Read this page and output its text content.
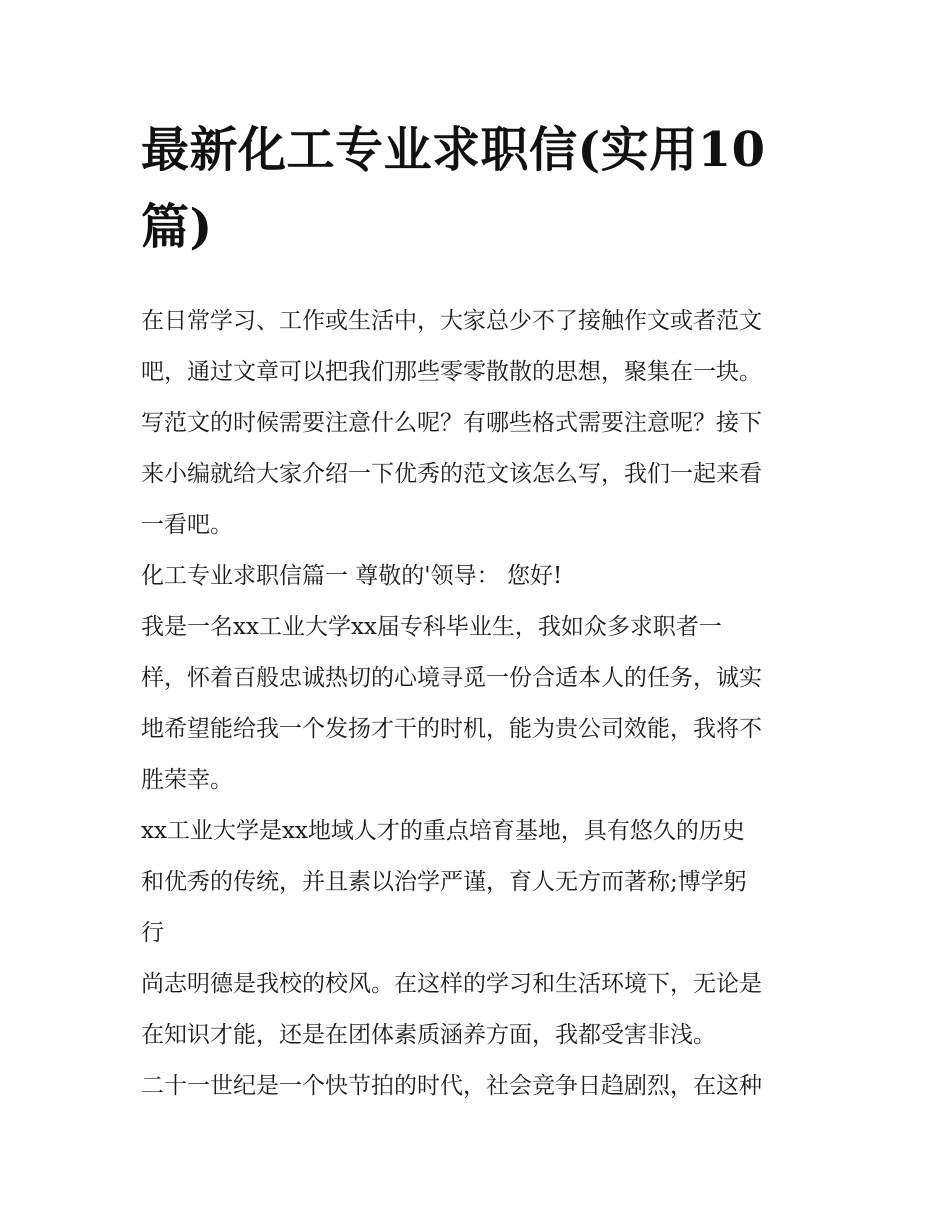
最新化工专业求职信(实用10
篇)
在日常学习、工作或生活中，大家总少不了接触作文或者范文
吧，通过文章可以把我们那些零零散散的思想，聚集在一块。
写范文的时候需要注意什么呢？有哪些格式需要注意呢？接下
来小编就给大家介绍一下优秀的范文该怎么写，我们一起来看
一看吧。
化工专业求职信篇一 尊敬的'领导： 您好!
我是一名xx工业大学xx届专科毕业生，我如众多求职者一
样，怀着百般忠诚热切的心境寻觅一份合适本人的任务，诚实
地希望能给我一个发扬才干的时机，能为贵公司效能，我将不
胜荣幸。
xx工业大学是xx地域人才的重点培育基地，具有悠久的历史
和优秀的传统，并且素以治学严谨，育人无方而著称;博学躬
行
尚志明德是我校的校风。在这样的学习和生活环境下，无论是
在知识才能，还是在团体素质涵养方面，我都受害非浅。
二十一世纪是一个快节拍的时代，社会竞争日趋剧烈，在这种
